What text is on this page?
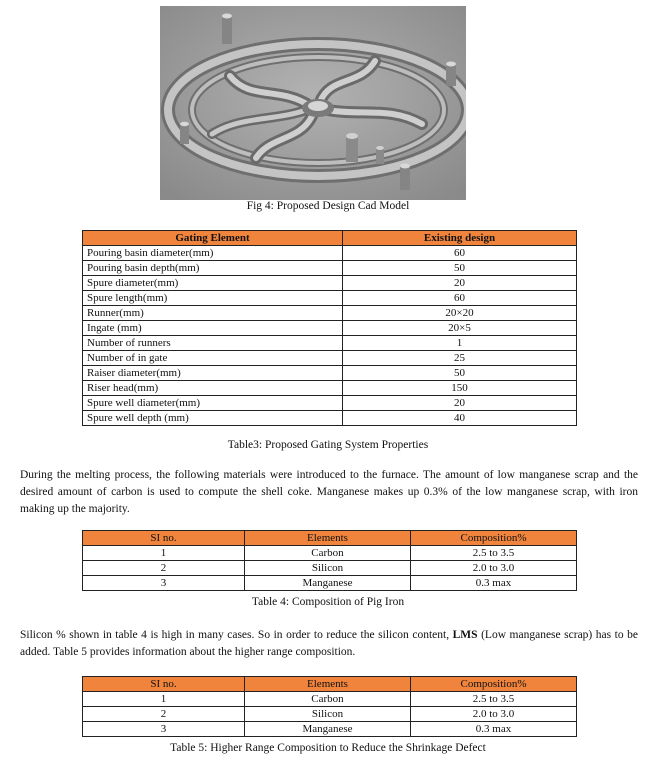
Fig 4: Proposed Design Cad Model
Gating Element	Existing design
Pouring basin diameter(mm)	60
Pouring basin depth(mm)	50
Spure diameter(mm)	20
Spure length(mm)	60
Runner(mm)	20×20
Ingate (mm)	20×5
Number of runners	1
Number of in gate	25
Raiser diameter(mm)	50
Riser head(mm)	150
Spure well diameter(mm)	20
Spure well depth (mm)	40
Table3: Proposed Gating System Properties

During the melting process, the following materials were introduced to the furnace. The amount of low manganese scrap and the desired amount of carbon is used to compute the shell coke. Manganese makes up 0.3% of the low manganese scrap, with iron making up the majority.

SI no.	Elements	Composition%
1	Carbon	2.5 to 3.5
2	Silicon	2.0 to 3.0
3	Manganese	0.3 max
Table 4: Composition of Pig Iron

Silicon % shown in table 4 is high in many cases. So in order to reduce the silicon content, LMS (Low manganese scrap) has to be added. Table 5 provides information about the higher range composition.

SI no.	Elements	Composition%
1	Carbon	2.5 to 3.5
2	Silicon	2.0 to 3.0
3	Manganese	0.3 max
Table 5: Higher Range Composition to Reduce the Shrinkage Defect
